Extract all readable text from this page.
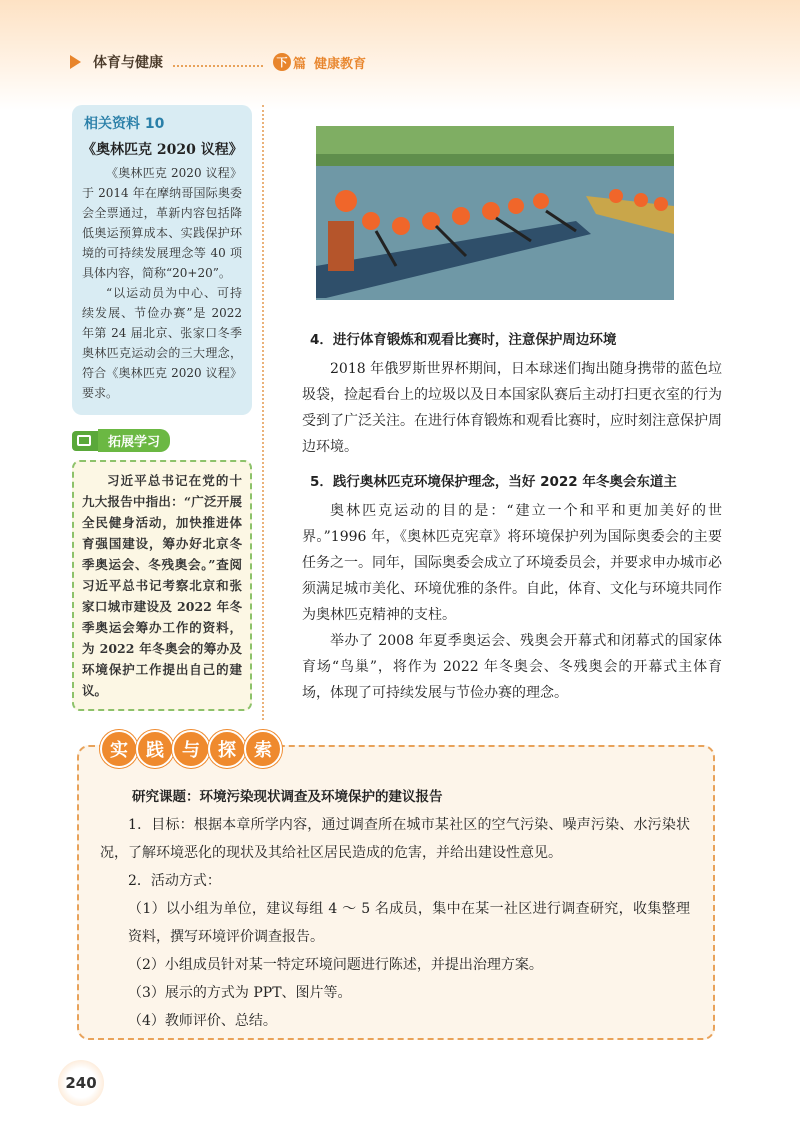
体育与健康	下 篇 健康教育
相关资料 10
《奥林匹克 2020 议程》

《奥林匹克 2020 议程》于 2014 年在摩纳哥国际奥委会全票通过，革新内容包括降低奥运预算成本、实践保护环境的可持续发展理念等 40 项具体内容，简称“20+20”。

“以运动员为中心、可持续发展、节俭办赛”是 2022 年第 24 届北京、张家口冬季奥林匹克运动会的三大理念，符合《奥林匹克 2020 议程》要求。

拓展学习

习近平总书记在党的十九大报告中指出：“广泛开展全民健身活动，加快推进体育强国建设，筹办好北京冬季奥运会、冬残奥会。”查阅习近平总书记考察北京和张家口城市建设及 2022 年冬季奥运会筹办工作的资料，为 2022 年冬奥会的筹办及环境保护工作提出自己的建议。

4．进行体育锻炼和观看比赛时，注意保护周边环境

2018 年俄罗斯世界杯期间，日本球迷们掏出随身携带的蓝色垃圾袋，捡起看台上的垃圾以及日本国家队赛后主动打扫更衣室的行为受到了广泛关注。在进行体育锻炼和观看比赛时，应时刻注意保护周边环境。

5．践行奥林匹克环境保护理念，当好 2022 年冬奥会东道主

奥林匹克运动的目的是：“建立一个和平和更加美好的世界。”1996 年，《奥林匹克宪章》将环境保护列为国际奥委会的主要任务之一。同年，国际奥委会成立了环境委员会，并要求申办城市必须满足城市美化、环境优雅的条件。自此，体育、文化与环境共同作为奥林匹克精神的支柱。

举办了 2008 年夏季奥运会、残奥会开幕式和闭幕式的国家体育场“鸟巢”，将作为 2022 年冬奥会、冬残奥会的开幕式主体育场，体现了可持续发展与节俭办赛的理念。

实	践	与	探	索
研究课题：环境污染现状调查及环境保护的建议报告

1．目标：根据本章所学内容，通过调查所在城市某社区的空气污染、噪声污染、水污染状况，了解环境恶化的现状及其给社区居民造成的危害，并给出建设性意见。

2．活动方式：

（1）以小组为单位，建议每组 4 ～ 5 名成员，集中在某一社区进行调查研究，收集整理资料，撰写环境评价调查报告。

（2）小组成员针对某一特定环境问题进行陈述，并提出治理方案。

（3）展示的方式为 PPT、图片等。

（4）教师评价、总结。

240
